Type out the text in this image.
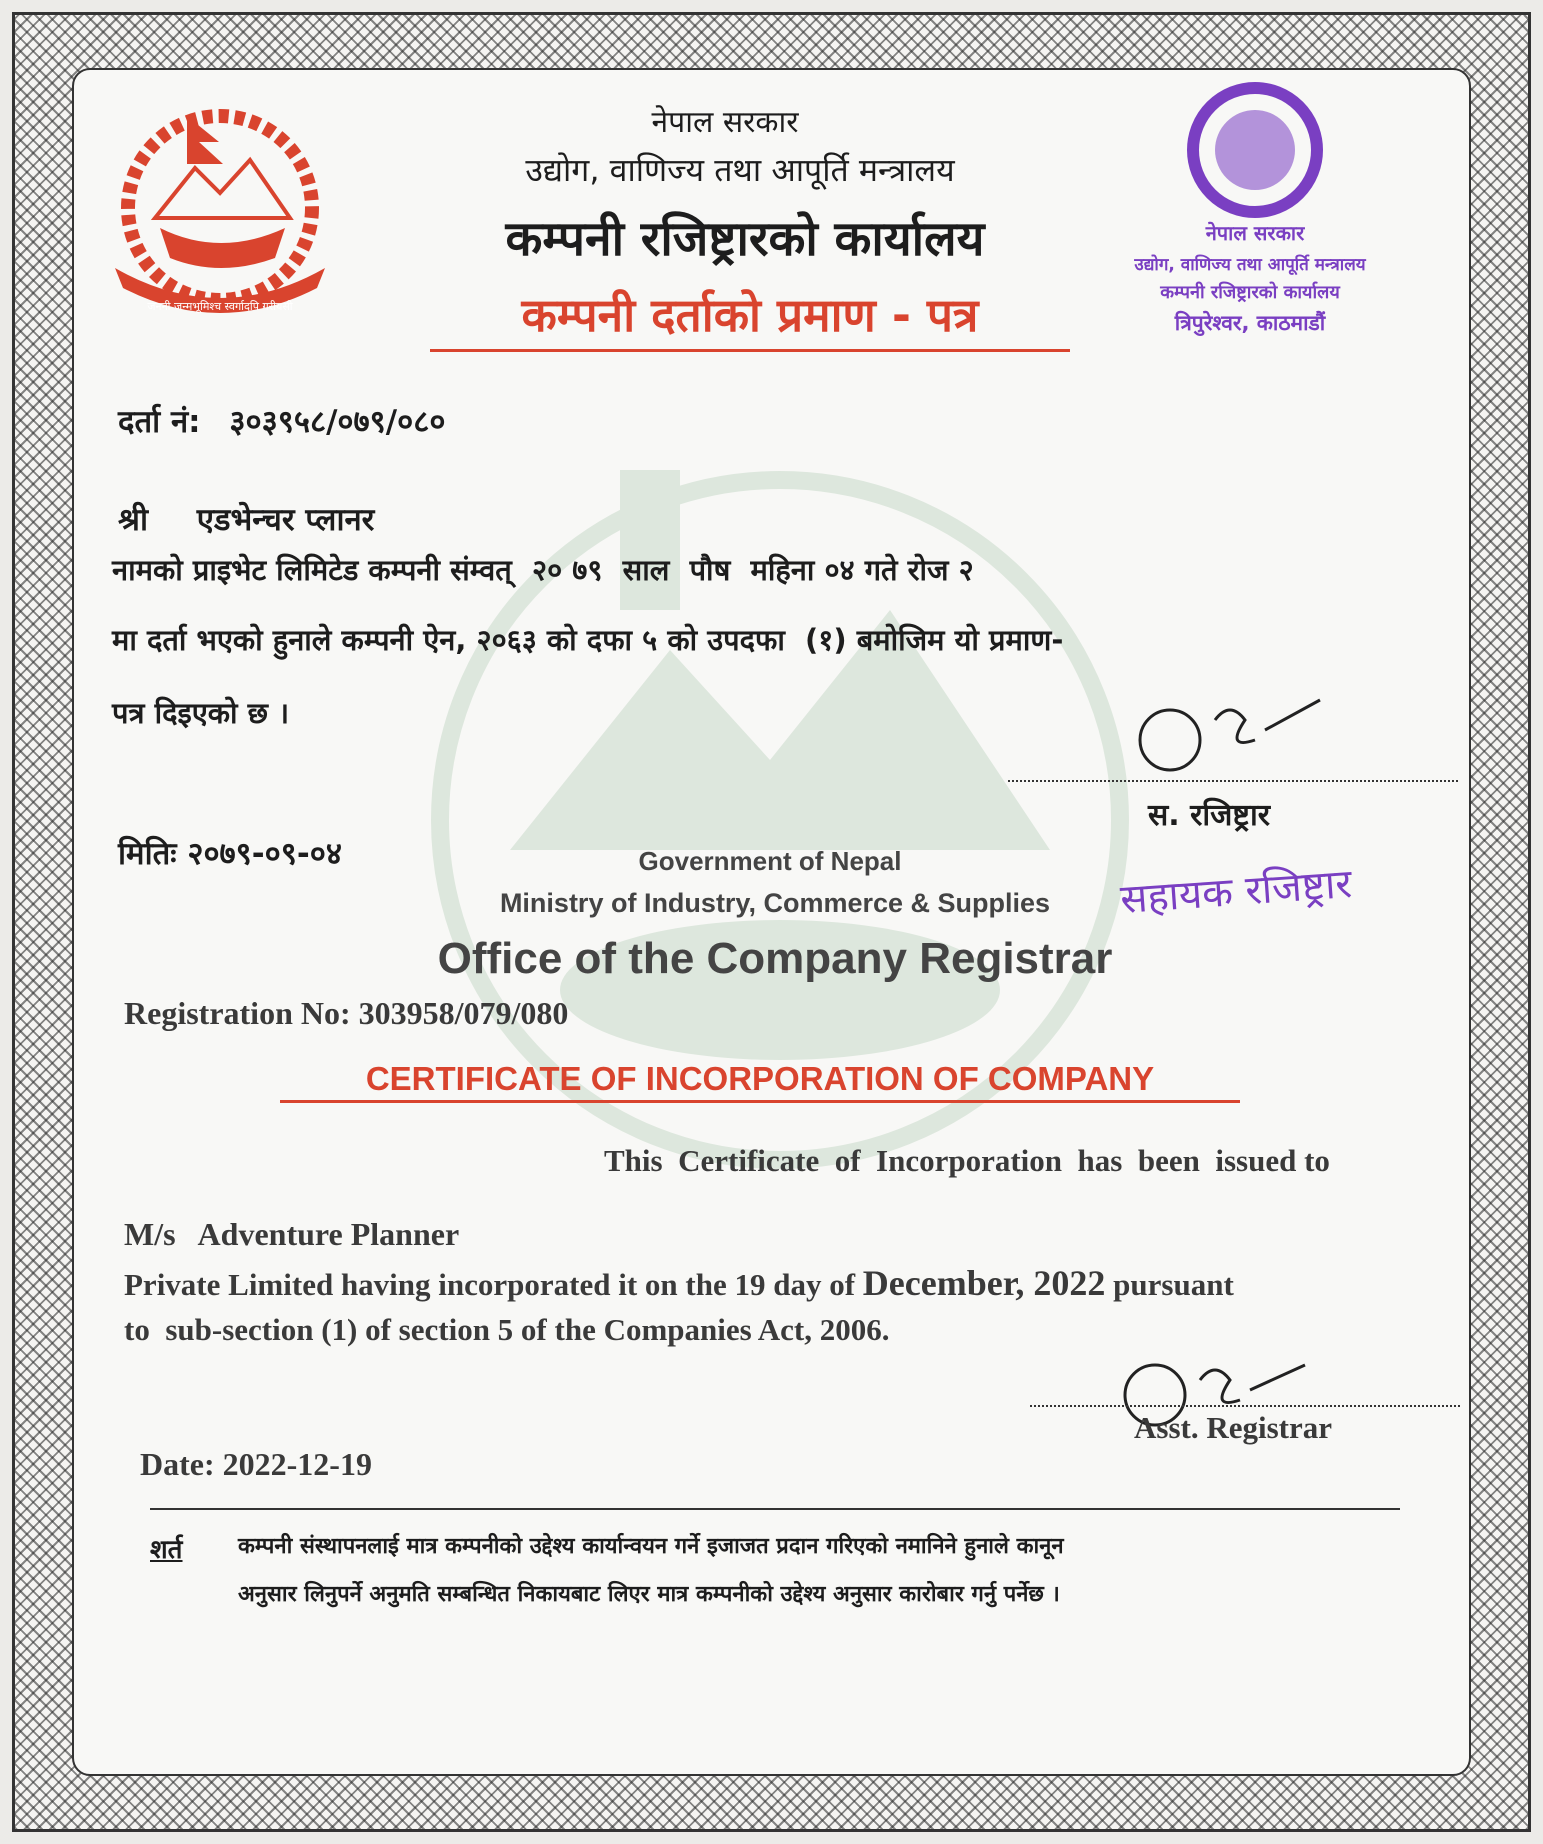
जननी जन्मभूमिश्च स्वर्गादपि गरीयसी
नेपाल सरकार
उद्योग, वाणिज्य तथा आपूर्ति मन्त्रालय
कम्पनी रजिष्ट्रारको कार्यालय
त्रिपुरेश्वर, काठमाडौं
नेपाल सरकार
उद्योग, वाणिज्य तथा आपूर्ति मन्त्रालय
कम्पनी रजिष्ट्रारको कार्यालय
कम्पनी दर्ताको प्रमाण - पत्र
दर्ता नं: ३०३९५८/०७९/०८०
श्री एडभेन्चर प्लानर
नामको प्राइभेट लिमिटेड कम्पनी संम्वत्  २० ७९  साल  पौष  महिना ०४ गते रोज २
मा दर्ता भएको हुनाले कम्पनी ऐन, २०६३ को दफा ५ को उपदफा  (१) बमोजिम यो प्रमाण-
पत्र दिइएको छ ।
स. रजिष्ट्रार
सहायक रजिष्ट्रार
मितिः २०७९-०९-०४	Government of Nepal
Ministry of Industry, Commerce & Supplies
Office of the Company Registrar
Registration No: 303958/079/080
CERTIFICATE OF INCORPORATION OF COMPANY
This  Certificate  of  Incorporation  has  been  issued to
M/s Adventure Planner
Private Limited having incorporated it on the 19 day of December, 2022 pursuant
to  sub-section (1) of section 5 of the Companies Act, 2006.
Asst. Registrar
Date: 2022-12-19
शर्त	कम्पनी संस्थापनलाई मात्र कम्पनीको उद्देश्य कार्यान्वयन गर्ने इजाजत प्रदान गरिएको नमानिने हुनाले कानून
अनुसार लिनुपर्ने अनुमति सम्बन्धित निकायबाट लिएर मात्र कम्पनीको उद्देश्य अनुसार कारोबार गर्नु पर्नेछ ।
